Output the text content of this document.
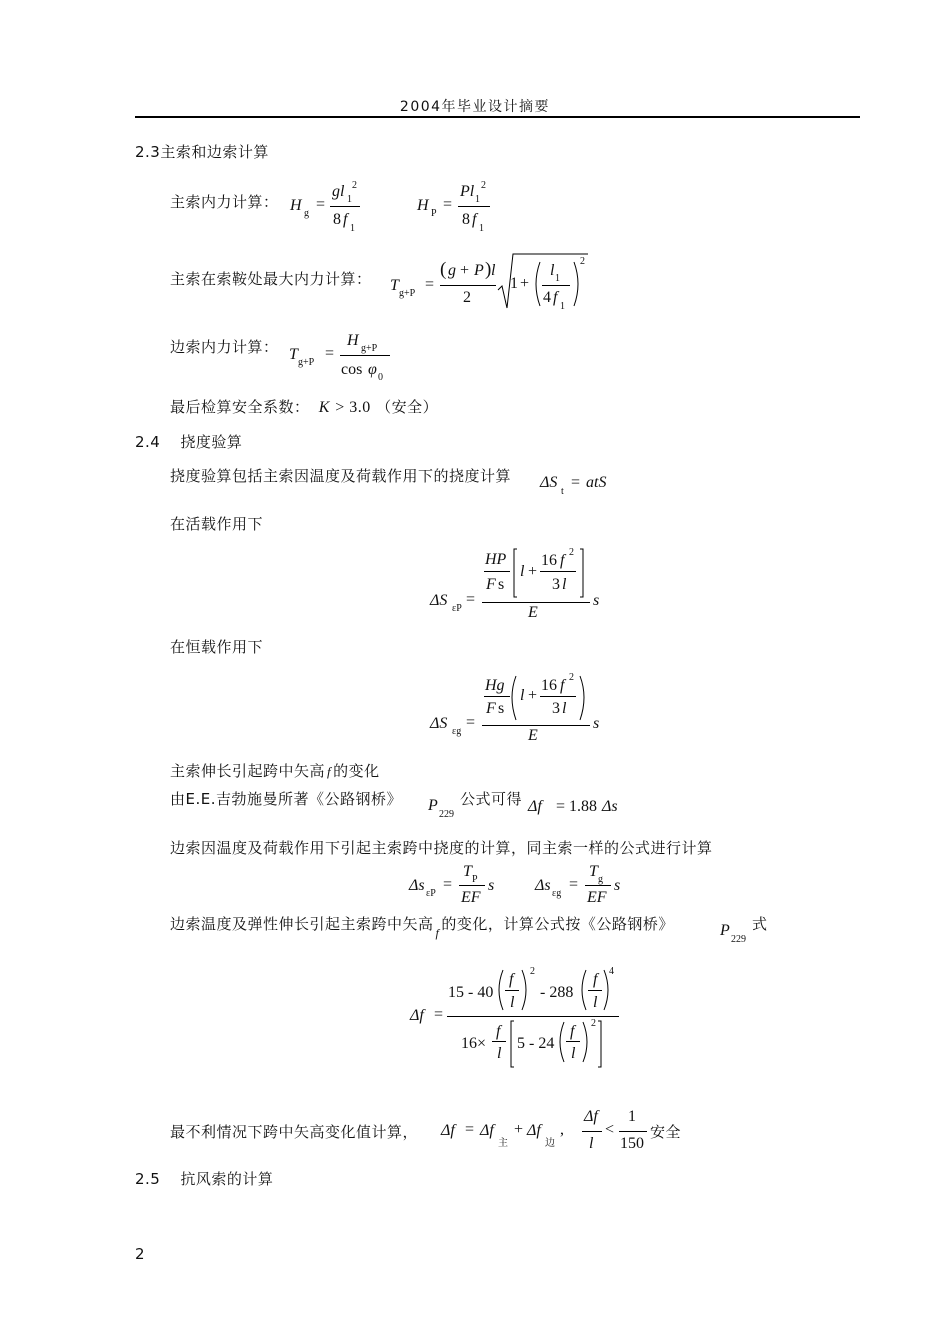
2004年毕业设计摘要
2.3主索和边索计算
主索内力计算： H g
=
gl 1
2
8 f
1
H P
=
Pl 1
2
8 f
1
主索在索鞍处最大内力计算： T g+P
=
( g + P ) l
2
1 +
l 1
4 f
1
2
边索内力计算： T g+P
=
H g+P
cos φ 0
最后检算安全系数： K > 3.0 （安全）
2.4 挠度验算
挠度验算包括主索因温度及荷载作用下的挠度计算 ΔS
t
= atS
在活载作用下
ΔS εP
=
HP
F s
l +
16 f 2
3 l
E
s
在恒载作用下
ΔS εg
=
Hg
F s
l +
16 f 2
3 l
E
s
主索伸长引起跨中矢高 f 的变化
由E.E.吉勃施曼所著《公路钢桥》 P
229
公式可得 Δf = 1.88 Δs
边索因温度及荷载作用下引起主索跨中挠度的计算，同主索一样的公式进行计算
Δs εP
=
T P
EF
s	Δs εg
=
T g
EF
s
边索温度及弹性伸长引起主索跨中矢高 $_f$ 的变化，计算公式按《公路钢桥》	P
229
式
Δf =
15 - 40
f
l
2
- 288
f
l
4
16×
f
l
5 - 24
f
l
2
最不利情况下跨中矢高变化值计算， Δf = Δf
主
+ Δf
边
,
Δf
l
<
1
150
安全
2.5 抗风索的计算
2
